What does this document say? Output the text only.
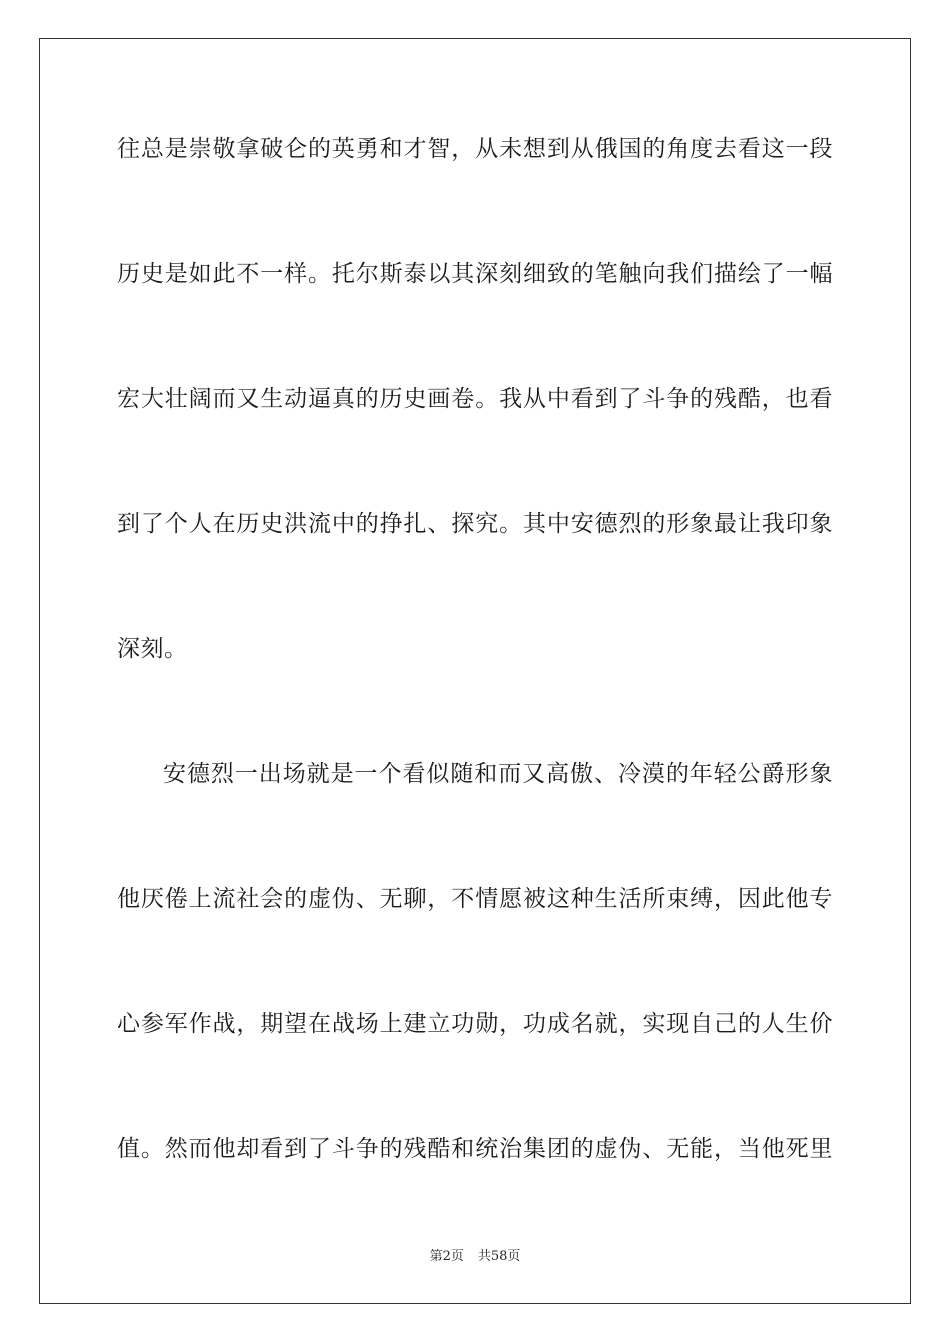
往总是崇敬拿破仑的英勇和才智，从未想到从俄国的角度去看这一段
历史是如此不一样。托尔斯泰以其深刻细致的笔触向我们描绘了一幅
宏大壮阔而又生动逼真的历史画卷。我从中看到了斗争的残酷，也看
到了个人在历史洪流中的挣扎、探究。其中安德烈的形象最让我印象
深刻。
安德烈一出场就是一个看似随和而又高傲、冷漠的年轻公爵形象
他厌倦上流社会的虚伪、无聊，不情愿被这种生活所束缚，因此他专
心参军作战，期望在战场上建立功勋，功成名就，实现自己的人生价
值。然而他却看到了斗争的残酷和统治集团的虚伪、无能，当他死里
第2页 共58页
